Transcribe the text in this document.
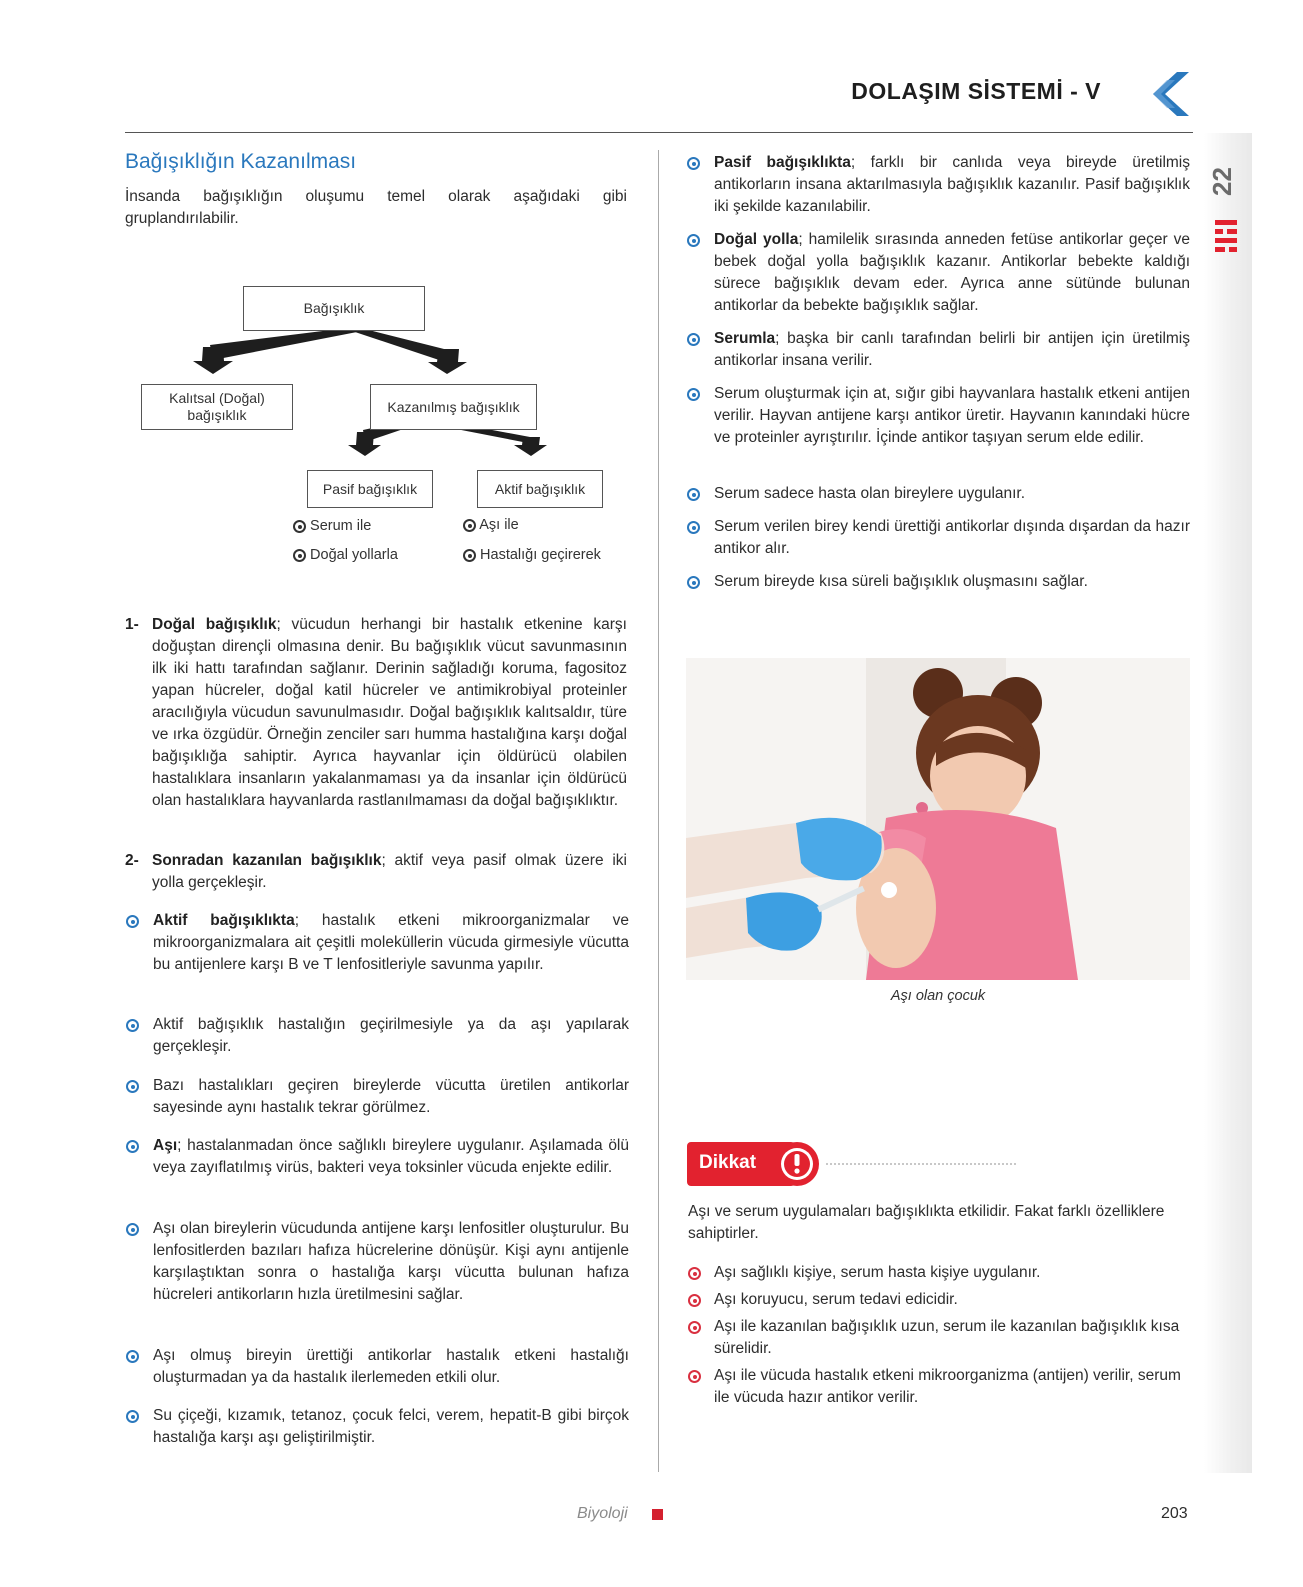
DOLAŞIM SİSTEMİ - V
22
Bağışıklığın Kazanılması
İnsanda bağışıklığın oluşumu temel olarak aşağıdaki gibi gruplandırılabilir.
Bağışıklık
Kalıtsal (Doğal) bağışıklık
Kazanılmış bağışıklık
Pasif bağışıklık	Aktif bağışıklık
Serum ile
Doğal yollarla
Aşı ile
Hastalığı geçirerek
1- Doğal bağışıklık; vücudun herhangi bir hastalık etkenine karşı doğuştan dirençli olmasına denir. Bu bağışıklık vücut savunmasının ilk iki hattı tarafından sağlanır. Derinin sağladığı koruma, fagositoz yapan hücreler, doğal katil hücreler ve antimikrobiyal proteinler aracılığıyla vücudun savunulmasıdır. Doğal bağışıklık kalıtsaldır, türe ve ırka özgüdür. Örneğin zenciler sarı humma hastalığına karşı doğal bağışıklığa sahiptir. Ayrıca hayvanlar için öldürücü olabilen hastalıklara insanların yakalanmaması ya da insanlar için öldürücü olan hastalıklara hayvanlarda rastlanılmaması da doğal bağışıklıktır.
2- Sonradan kazanılan bağışıklık; aktif veya pasif olmak üzere iki yolla gerçekleşir.
Aktif bağışıklıkta; hastalık etkeni mikroorganizmalar ve mikroorganizmalara ait çeşitli moleküllerin vücuda girmesiyle vücutta bu antijenlere karşı B ve T lenfositleriyle savunma yapılır.
Aktif bağışıklık hastalığın geçirilmesiyle ya da aşı yapılarak gerçekleşir.
Bazı hastalıkları geçiren bireylerde vücutta üretilen antikorlar sayesinde aynı hastalık tekrar görülmez.
Aşı; hastalanmadan önce sağlıklı bireylere uygulanır. Aşılamada ölü veya zayıflatılmış virüs, bakteri veya toksinler vücuda enjekte edilir.
Aşı olan bireylerin vücudunda antijene karşı lenfositler oluşturulur. Bu lenfositlerden bazıları hafıza hücrelerine dönüşür. Kişi aynı antijenle karşılaştıktan sonra o hastalığa karşı vücutta bulunan hafıza hücreleri antikorların hızla üretilmesini sağlar.
Aşı olmuş bireyin ürettiği antikorlar hastalık etkeni hastalığı oluşturmadan ya da hastalık ilerlemeden etkili olur.
Su çiçeği, kızamık, tetanoz, çocuk felci, verem, hepatit-B gibi birçok hastalığa karşı aşı geliştirilmiştir.
Pasif bağışıklıkta; farklı bir canlıda veya bireyde üretilmiş antikorların insana aktarılmasıyla bağışıklık kazanılır. Pasif bağışıklık iki şekilde kazanılabilir.
Doğal yolla; hamilelik sırasında anneden fetüse antikorlar geçer ve bebek doğal yolla bağışıklık kazanır. Antikorlar bebekte kaldığı sürece bağışıklık devam eder. Ayrıca anne sütünde bulunan antikorlar da bebekte bağışıklık sağlar.
Serumla; başka bir canlı tarafından belirli bir antijen için üretilmiş antikorlar insana verilir.
Serum oluşturmak için at, sığır gibi hayvanlara hastalık etkeni antijen verilir. Hayvan antijene karşı antikor üretir. Hayvanın kanındaki hücre ve proteinler ayrıştırılır. İçinde antikor taşıyan serum elde edilir.
Serum sadece hasta olan bireylere uygulanır.
Serum verilen birey kendi ürettiği antikorlar dışında dışardan da hazır antikor alır.
Serum bireyde kısa süreli bağışıklık oluşmasını sağlar.
Aşı olan çocuk
Dikkat
Aşı ve serum uygulamaları bağışıklıkta etkilidir. Fakat farklı özelliklere sahiptirler.
Aşı sağlıklı kişiye, serum hasta kişiye uygulanır.
Aşı koruyucu, serum tedavi edicidir.
Aşı ile kazanılan bağışıklık uzun, serum ile kazanılan bağışıklık kısa sürelidir.
Aşı ile vücuda hastalık etkeni mikroorganizma (antijen) verilir, serum ile vücuda hazır antikor verilir.
Biyoloji	203
